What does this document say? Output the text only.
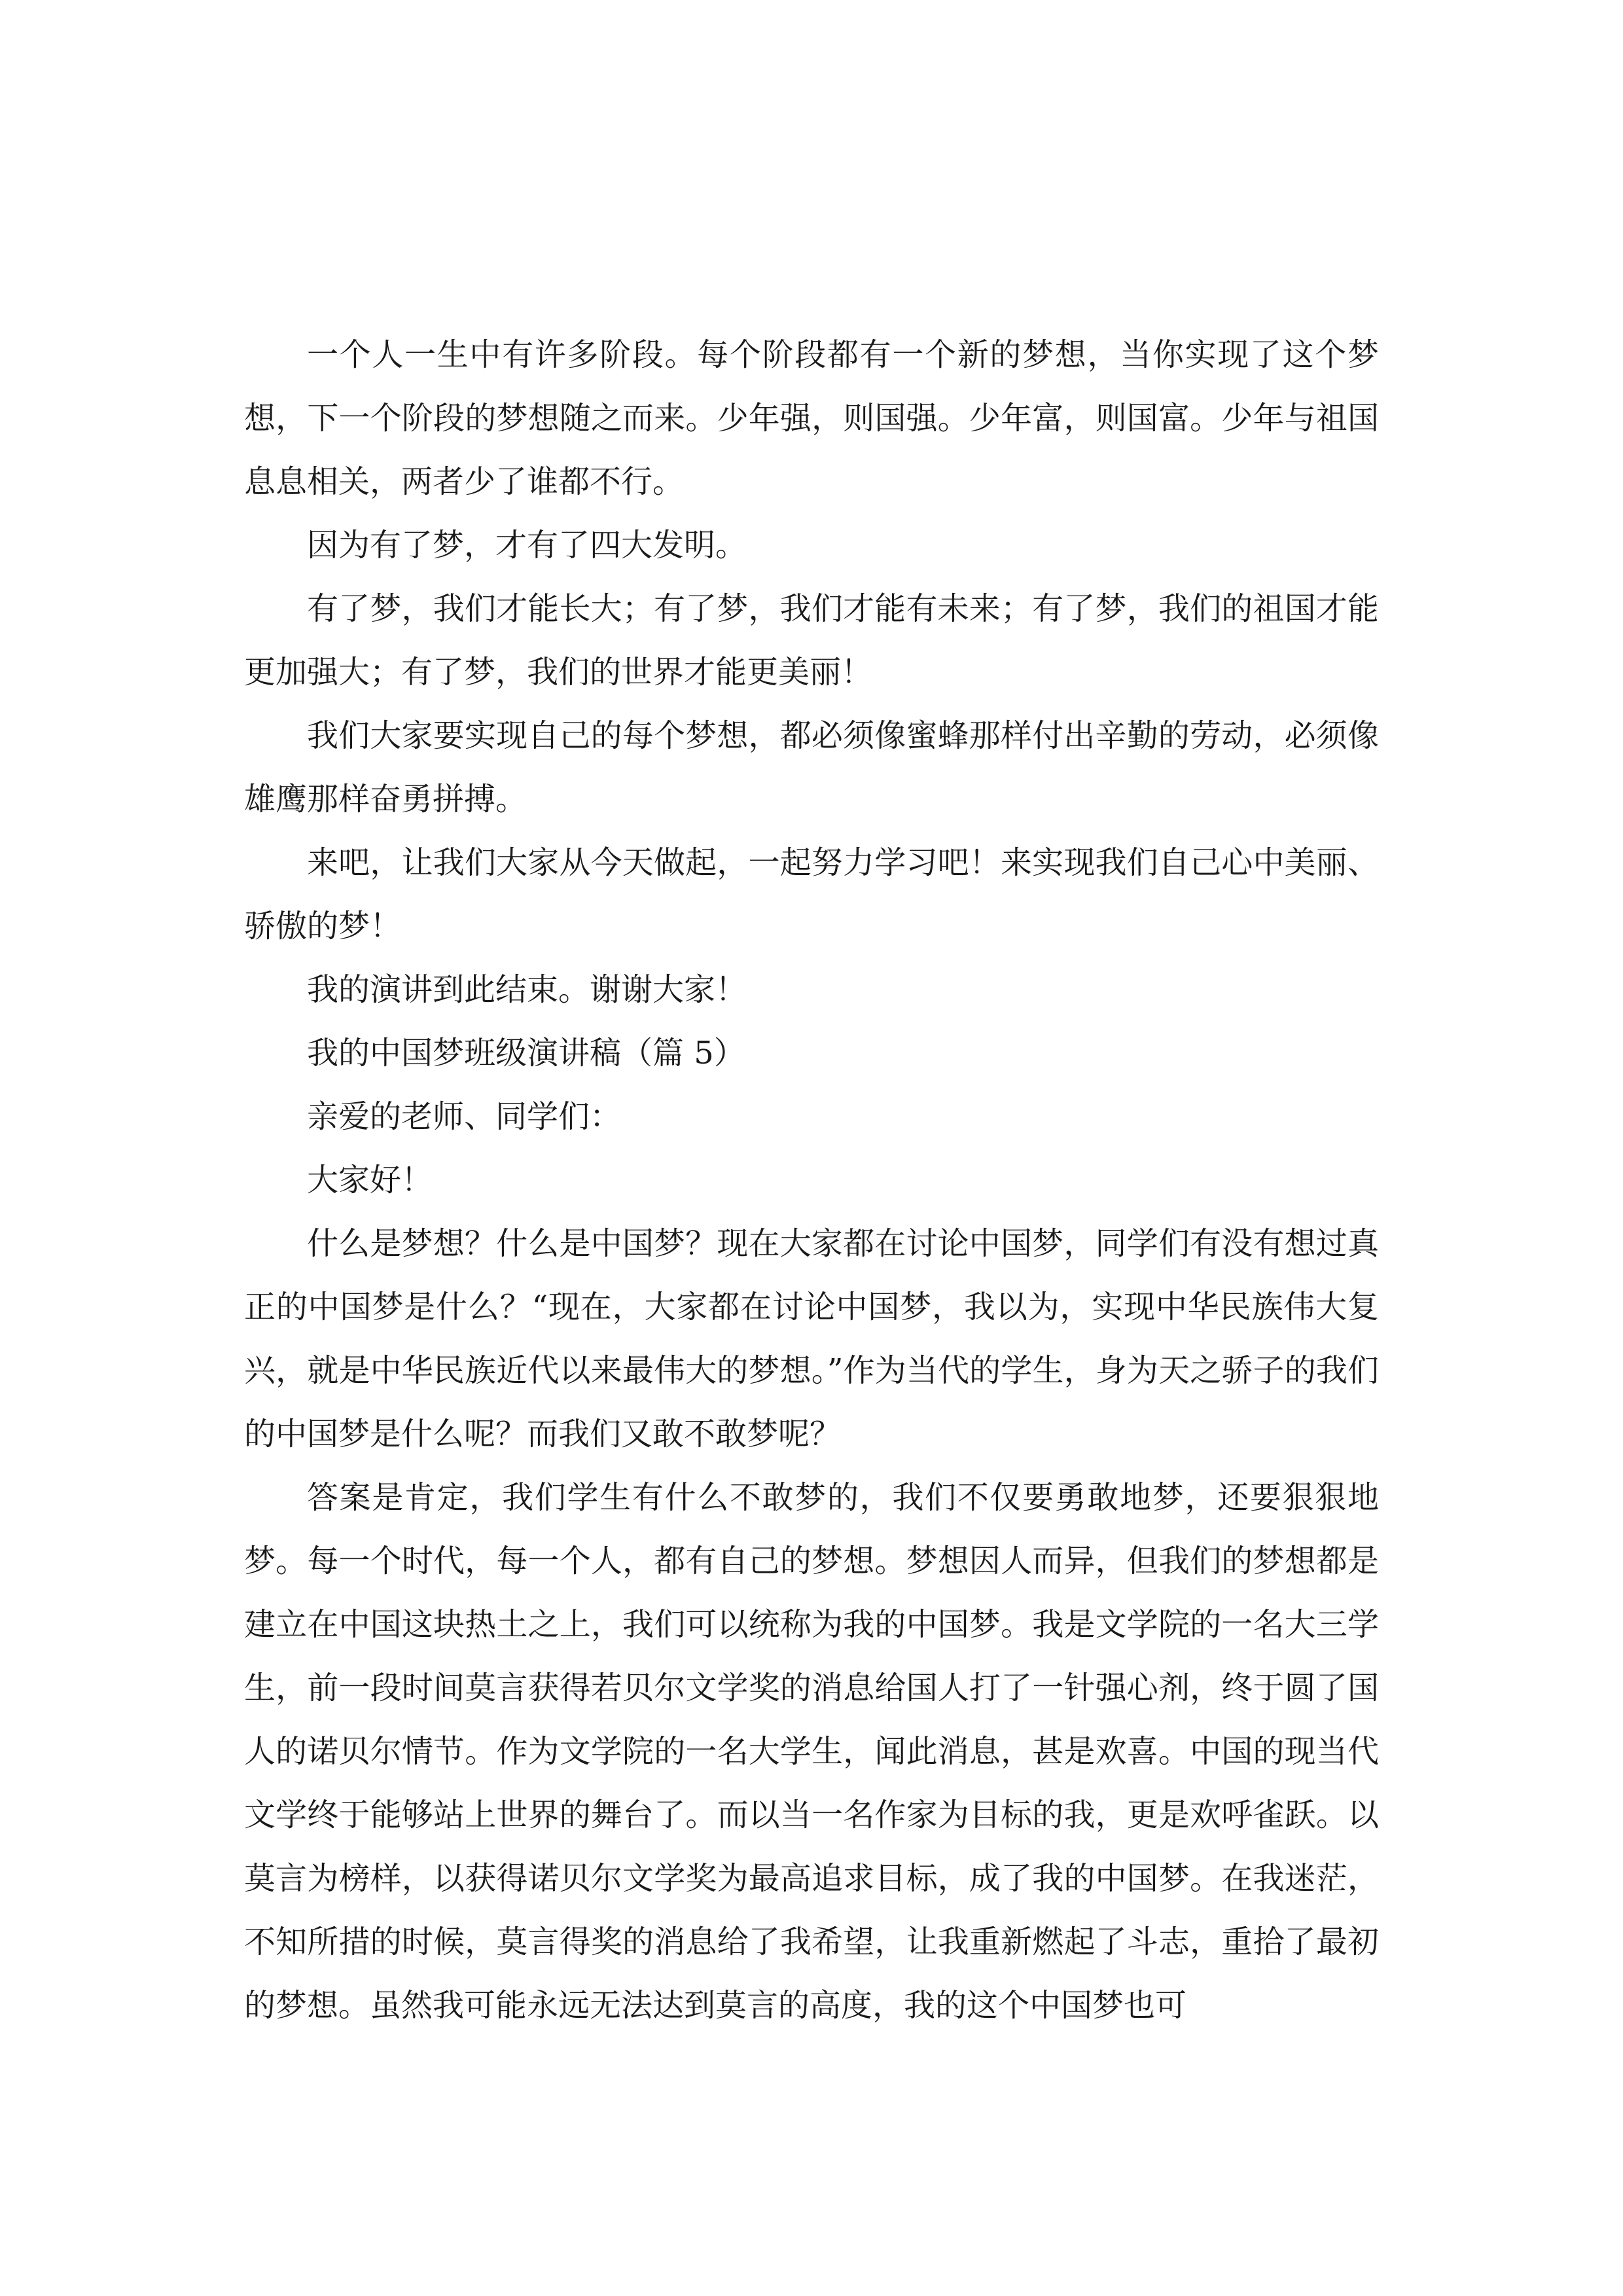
一个人一生中有许多阶段。每个阶段都有一个新的梦想，当你实现了这个梦想，下一个阶段的梦想随之而来。少年强，则国强。少年富，则国富。少年与祖国息息相关，两者少了谁都不行。

因为有了梦，才有了四大发明。

有了梦，我们才能长大；有了梦，我们才能有未来；有了梦，我们的祖国才能更加强大；有了梦，我们的世界才能更美丽！

我们大家要实现自己的每个梦想，都必须像蜜蜂那样付出辛勤的劳动，必须像雄鹰那样奋勇拼搏。

来吧，让我们大家从今天做起，一起努力学习吧！来实现我们自己心中美丽、骄傲的梦！

我的演讲到此结束。谢谢大家！

我的中国梦班级演讲稿（篇 5）

亲爱的老师、同学们：

大家好！

什么是梦想？什么是中国梦？现在大家都在讨论中国梦，同学们有没有想过真正的中国梦是什么？“现在，大家都在讨论中国梦，我以为，实现中华民族伟大复兴，就是中华民族近代以来最伟大的梦想。”作为当代的学生，身为天之骄子的我们的中国梦是什么呢？而我们又敢不敢梦呢？

答案是肯定，我们学生有什么不敢梦的，我们不仅要勇敢地梦，还要狠狠地梦。每一个时代，每一个人，都有自己的梦想。梦想因人而异，但我们的梦想都是建立在中国这块热土之上，我们可以统称为我的中国梦。我是文学院的一名大三学生，前一段时间莫言获得若贝尔文学奖的消息给国人打了一针强心剂，终于圆了国人的诺贝尔情节。作为文学院的一名大学生，闻此消息，甚是欢喜。中国的现当代文学终于能够站上世界的舞台了。而以当一名作家为目标的我，更是欢呼雀跃。以莫言为榜样，以获得诺贝尔文学奖为最高追求目标，成了我的中国梦。在我迷茫，不知所措的时候，莫言得奖的消息给了我希望，让我重新燃起了斗志，重拾了最初的梦想。虽然我可能永远无法达到莫言的高度，我的这个中国梦也可
